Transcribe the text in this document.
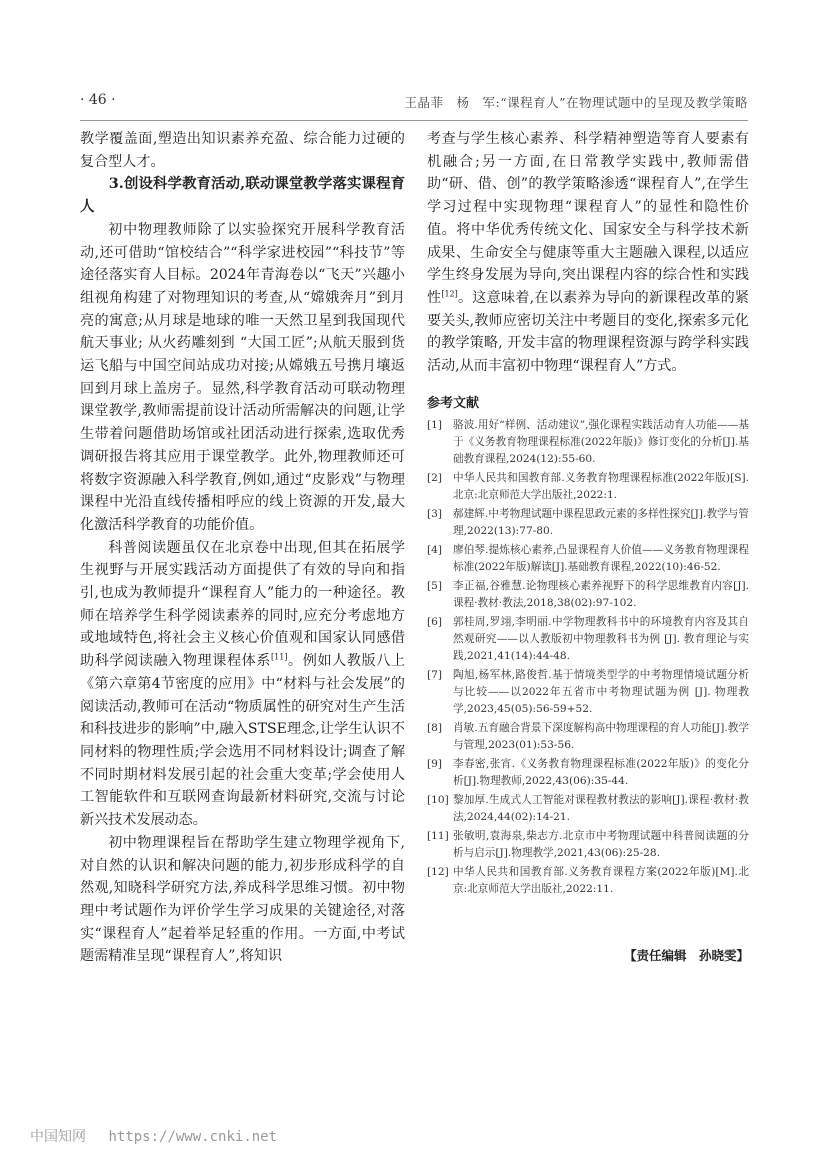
· 46 ·	王晶菲　杨　军:“课程育人”在物理试题中的呈现及教学策略

教学覆盖面,塑造出知识素养充盈、综合能力过硬的复合型人才。

3.创设科学教育活动,联动课堂教学落实课程育人

初中物理教师除了以实验探究开展科学教育活动,还可借助“馆校结合”“科学家进校园”“科技节”等途径落实育人目标。2024年青海卷以“飞天”兴趣小组视角构建了对物理知识的考查,从“嫦娥奔月”到月亮的寓意;从月球是地球的唯一天然卫星到我国现代航天事业; 从火药雕刻到 “大国工匠”;从航天服到货运飞船与中国空间站成功对接;从嫦娥五号携月壤返回到月球上盖房子。显然,科学教育活动可联动物理课堂教学,教师需提前设计活动所需解决的问题,让学生带着问题借助场馆或社团活动进行探索,选取优秀调研报告将其应用于课堂教学。此外,物理教师还可将数字资源融入科学教育,例如,通过“皮影戏”与物理课程中光沿直线传播相呼应的线上资源的开发,最大化激活科学教育的功能价值。

科普阅读题虽仅在北京卷中出现,但其在拓展学生视野与开展实践活动方面提供了有效的导向和指引,也成为教师提升“课程育人”能力的一种途径。教师在培养学生科学阅读素养的同时,应充分考虑地方或地域特色,将社会主义核心价值观和国家认同感借助科学阅读融入物理课程体系[11]。例如人教版八上《第六章第4节密度的应用》中“材料与社会发展”的阅读活动,教师可在活动“物质属性的研究对生产生活和科技进步的影响”中,融入STSE理念,让学生认识不同材料的物理性质;学会选用不同材料设计;调查了解不同时期材料发展引起的社会重大变革;学会使用人工智能软件和互联网查询最新材料研究,交流与讨论新兴技术发展动态。

初中物理课程旨在帮助学生建立物理学视角下,对自然的认识和解决问题的能力,初步形成科学的自然观,知晓科学研究方法,养成科学思维习惯。初中物理中考试题作为评价学生学习成果的关键途径,对落实“课程育人”起着举足轻重的作用。一方面,中考试题需精准呈现“课程育人”,将知识

考查与学生核心素养、科学精神塑造等育人要素有机融合;另一方面,在日常教学实践中,教师需借助“研、借、创”的教学策略渗透“课程育人”,在学生学习过程中实现物理“课程育人”的显性和隐性价值。将中华优秀传统文化、国家安全与科学技术新成果、生命安全与健康等重大主题融入课程,以适应学生终身发展为导向,突出课程内容的综合性和实践性[12]。这意味着,在以素养为导向的新课程改革的紧要关头,教师应密切关注中考题目的变化,探索多元化的教学策略, 开发丰富的物理课程资源与跨学科实践活动,从而丰富初中物理“课程育人”方式。

参考文献

[1] 骆波.用好“样例、活动建议”,强化课程实践活动育人功能——基于《义务教育物理课程标准(2022年版)》修订变化的分析[J].基础教育课程,2024(12):55-60.

[2] 中华人民共和国教育部.义务教育物理课程标准(2022年版)[S].北京:北京师范大学出版社,2022:1.

[3] 郝建辉.中考物理试题中课程思政元素的多样性探究[J].教学与管理,2022(13):77-80.

[4] 廖伯琴.提炼核心素养,凸显课程育人价值——义务教育物理课程标准(2022年版)解读[J].基础教育课程,2022(10):46-52.

[5] 李正福,谷雅慧.论物理核心素养视野下的科学思维教育内容[J].课程·教材·教法,2018,38(02):97-102.

[6] 郭桂周,罗翊,李明丽.中学物理教科书中的环境教育内容及其自然观研究——以人教版初中物理教科书为例 [J]. 教育理论与实践,2021,41(14):44-48.

[7] 陶旭,杨军林,路俊哲.基于情境类型学的中考物理情境试题分析与比较——以2022年五省市中考物理试题为例 [J]. 物理教学,2023,45(05):56-59+52.

[8] 肖敏.五育融合背景下深度解构高中物理课程的育人功能[J].教学与管理,2023(01):53-56.

[9] 李春密,张宵.《义务教育物理课程标准(2022年版)》的变化分析[J].物理教师,2022,43(06):35-44.

[10] 黎加厚.生成式人工智能对课程教材教法的影响[J].课程·教材·教法,2024,44(02):14-21.

[11] 张敏明,袁海泉,柴志方.北京市中考物理试题中科普阅读题的分析与启示[J].物理教学,2021,43(06):25-28.

[12] 中华人民共和国教育部.义务教育课程方案(2022年版)[M].北京:北京师范大学出版社,2022:11.

【责任编辑　孙晓雯】
中国知网 https://www.cnki.net
